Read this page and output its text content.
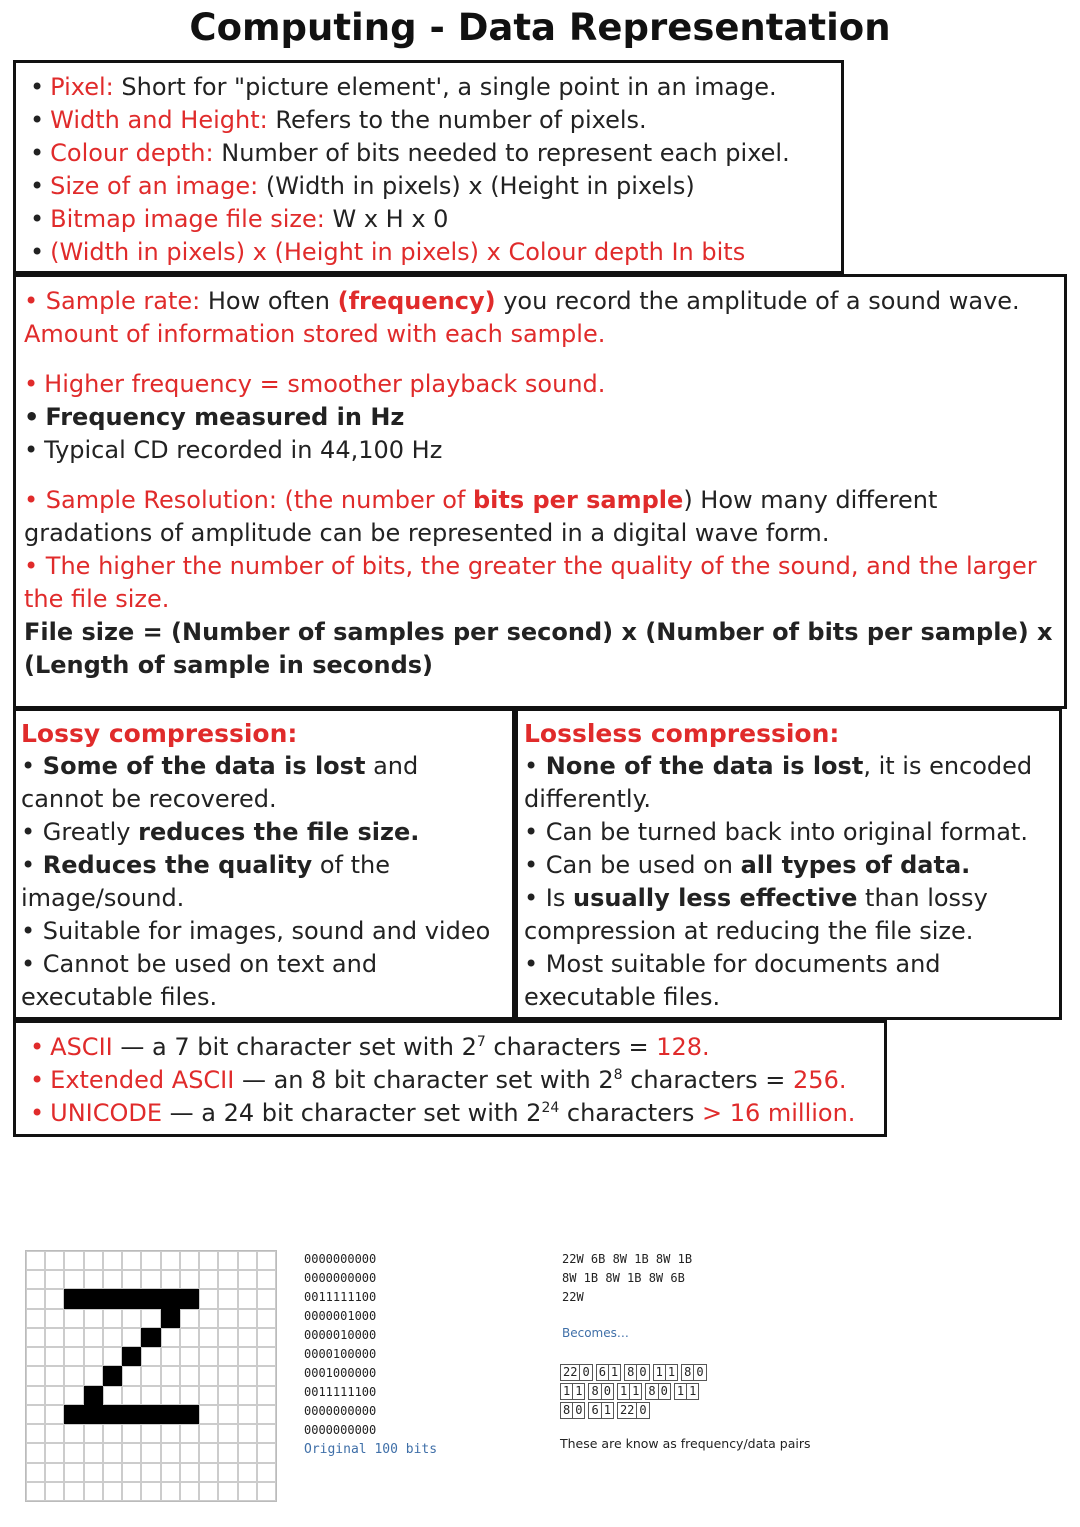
Computing - Data Representation
• Pixel: Short for "picture element', a single point in an image.
• Width and Height: Refers to the number of pixels.
• Colour depth: Number of bits needed to represent each pixel.
• Size of an image: (Width in pixels) x (Height in pixels)
• Bitmap image file size: W x H x 0
• (Width in pixels) x (Height in pixels) x Colour depth In bits
• Sample rate: How often (frequency) you record the amplitude of a sound wave. Amount of information stored with each sample.
• Higher frequency = smoother playback sound.
• Frequency measured in Hz
• Typical CD recorded in 44,100 Hz
• Sample Resolution: (the number of bits per sample) How many different gradations of amplitude can be represented in a digital wave form.
• The higher the number of bits, the greater the quality of the sound, and the larger the file size.
File size = (Number of samples per second) x (Number of bits per sample) x (Length of sample in seconds)
Lossy compression:
• Some of the data is lost and cannot be recovered.
• Greatly reduces the file size.
• Reduces the quality of the image/sound.
• Suitable for images, sound and video
• Cannot be used on text and executable files.
Lossless compression:
• None of the data is lost, it is encoded differently.
• Can be turned back into original format.
• Can be used on all types of data.
• Is usually less effective than lossy compression at reducing the file size.
• Most suitable for documents and executable files.
• ASCII — a 7 bit character set with $2^7$ characters = 128.
• Extended ASCII — an 8 bit character set with $2^8$ characters = 256.
• UNICODE — a 24 bit character set with $2^{24}$ characters > 16 million.
0000000000
0000000000
0011111100
0000001000
0000010000
0000100000
0001000000
0011111100
0000000000
0000000000
Original 100 bits
22W 6B 8W 1B 8W 1B
8W 1B 8W 1B 8W 6B
22W
Becomes…
22 0 6 1 8 0 1 1 8 0
1 1 8 0 1 1 8 0 1 1
8 0 6 1 22 0
These are know as frequency/data pairs
